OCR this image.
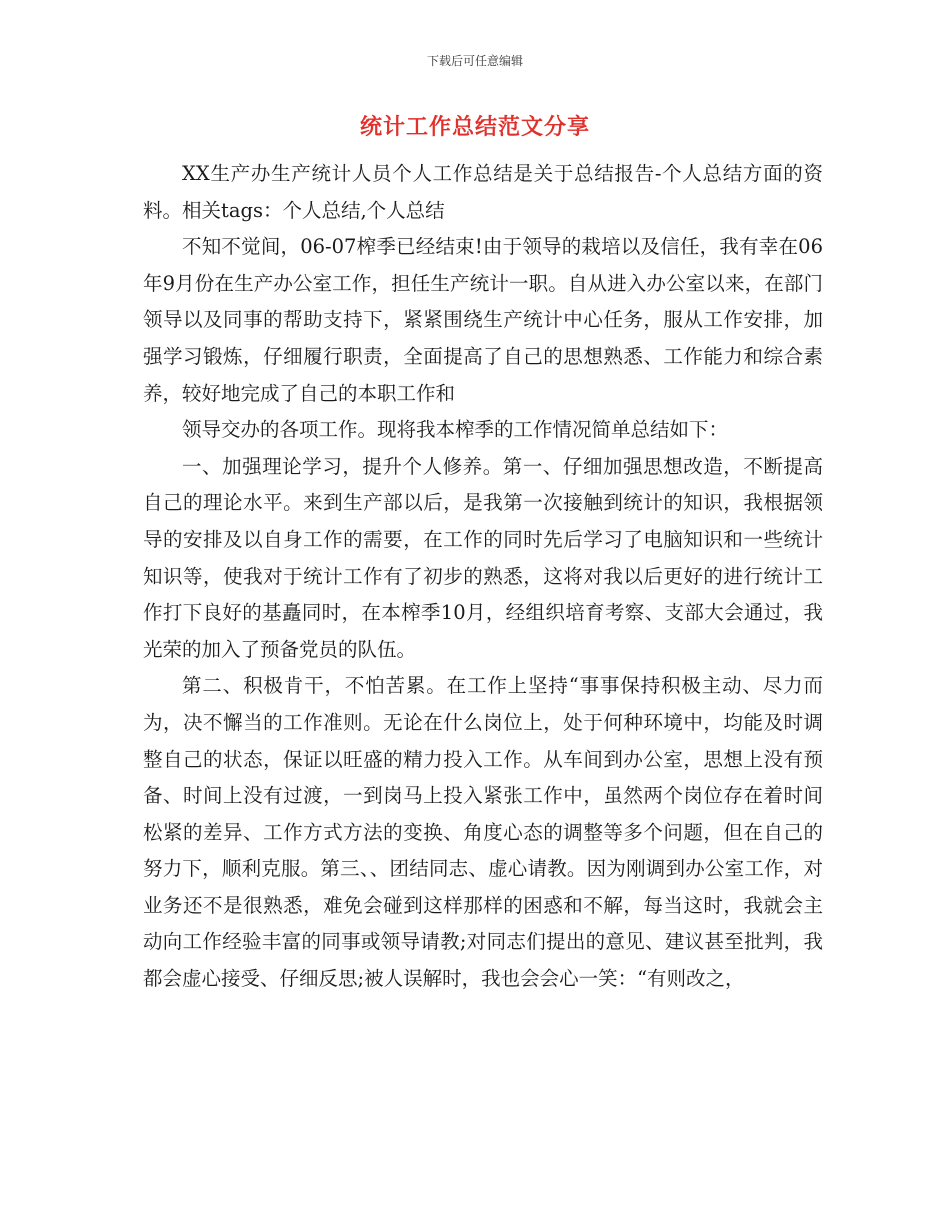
下载后可任意编辑
统计工作总结范文分享

XX生产办生产统计人员个人工作总结是关于总结报告-个人总结方面的资料。相关tags：个人总结,个人总结

不知不觉间，06-07榨季已经结束!由于领导的栽培以及信任，我有幸在06年9月份在生产办公室工作，担任生产统计一职。自从进入办公室以来，在部门领导以及同事的帮助支持下，紧紧围绕生产统计中心任务，服从工作安排，加强学习锻炼，仔细履行职责，全面提高了自己的思想熟悉、工作能力和综合素养，较好地完成了自己的本职工作和

领导交办的各项工作。现将我本榨季的工作情况简单总结如下：

一、加强理论学习，提升个人修养。第一、仔细加强思想改造，不断提高自己的理论水平。来到生产部以后，是我第一次接触到统计的知识，我根据领导的安排及以自身工作的需要，在工作的同时先后学习了电脑知识和一些统计知识等，使我对于统计工作有了初步的熟悉，这将对我以后更好的进行统计工作打下良好的基矗同时，在本榨季10月，经组织培育考察、支部大会通过，我光荣的加入了预备党员的队伍。

第二、积极肯干，不怕苦累。在工作上坚持“事事保持积极主动、尽力而为，决不懈当的工作准则。无论在什么岗位上，处于何种环境中，均能及时调整自己的状态，保证以旺盛的精力投入工作。从车间到办公室，思想上没有预备、时间上没有过渡，一到岗马上投入紧张工作中，虽然两个岗位存在着时间松紧的差异、工作方式方法的变换、角度心态的调整等多个问题，但在自己的努力下，顺利克服。第三、、团结同志、虚心请教。因为刚调到办公室工作，对业务还不是很熟悉，难免会碰到这样那样的困惑和不解，每当这时，我就会主动向工作经验丰富的同事或领导请教;对同志们提出的意见、建议甚至批判，我都会虚心接受、仔细反思;被人误解时，我也会会心一笑：“有则改之，
